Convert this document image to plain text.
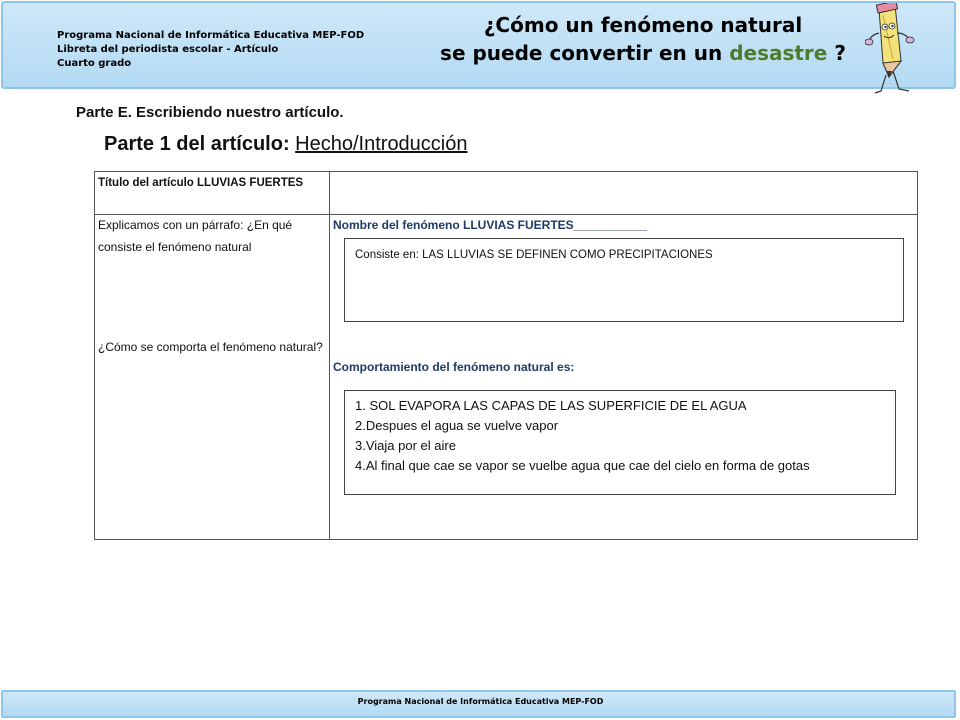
Programa Nacional de Informática Educativa MEP-FOD
Libreta del periodista escolar - Artículo
Cuarto grado
¿Cómo un fenómeno natural
se puede convertir en un desastre ?
Parte E. Escribiendo nuestro artículo.
Parte 1 del artículo: Hecho/Introducción
Título del artículo LLUVIAS FUERTES
Explicamos con un párrafo: ¿En qué consiste el fenómeno natural
¿Cómo se comporta el fenómeno natural?
Nombre del fenómeno LLUVIAS FUERTES___________
Consiste en: LAS LLUVIAS SE DEFINEN COMO PRECIPITACIONES
Comportamiento del fenómeno natural es:
1. SOL EVAPORA LAS CAPAS DE LAS SUPERFICIE DE EL AGUA
2.Despues el agua se vuelve vapor
3.Viaja por el aire
4.Al final que cae se vapor se vuelbe agua que cae del cielo en forma de gotas
Programa Nacional de Informática Educativa MEP-FOD
